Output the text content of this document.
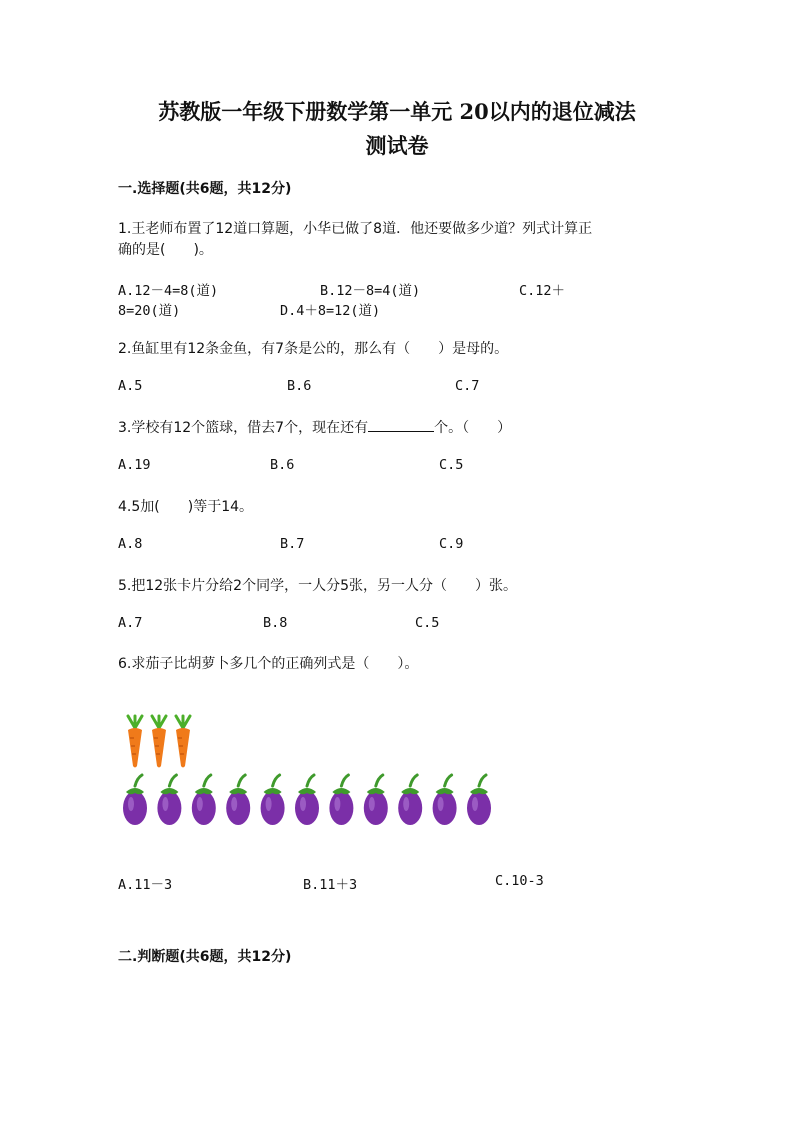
苏教版一年级下册数学第一单元 20以内的退位减法
测试卷
一.选择题(共6题，共12分)
1.王老师布置了12道口算题，小华已做了8道．他还要做多少道？列式计算正
确的是(　　)。
A.12－4=8(道)	B.12－8=4(道)	C.12＋
8=20(道)	D.4＋8=12(道)
2.鱼缸里有12条金鱼，有7条是公的，那么有（　　）是母的。
A.5	B.6	C.7
3.学校有12个篮球，借去7个，现在还有	个。（　　）
A.19	B.6	C.5
4.5加(　　)等于14。
A.8	B.7	C.9
5.把12张卡片分给2个同学，一人分5张，另一人分（　　）张。
A.7	B.8	C.5
6.求茄子比胡萝卜多几个的正确列式是（　　）。
A.11－3	B.11＋3	C.10-3
二.判断题(共6题，共12分)
